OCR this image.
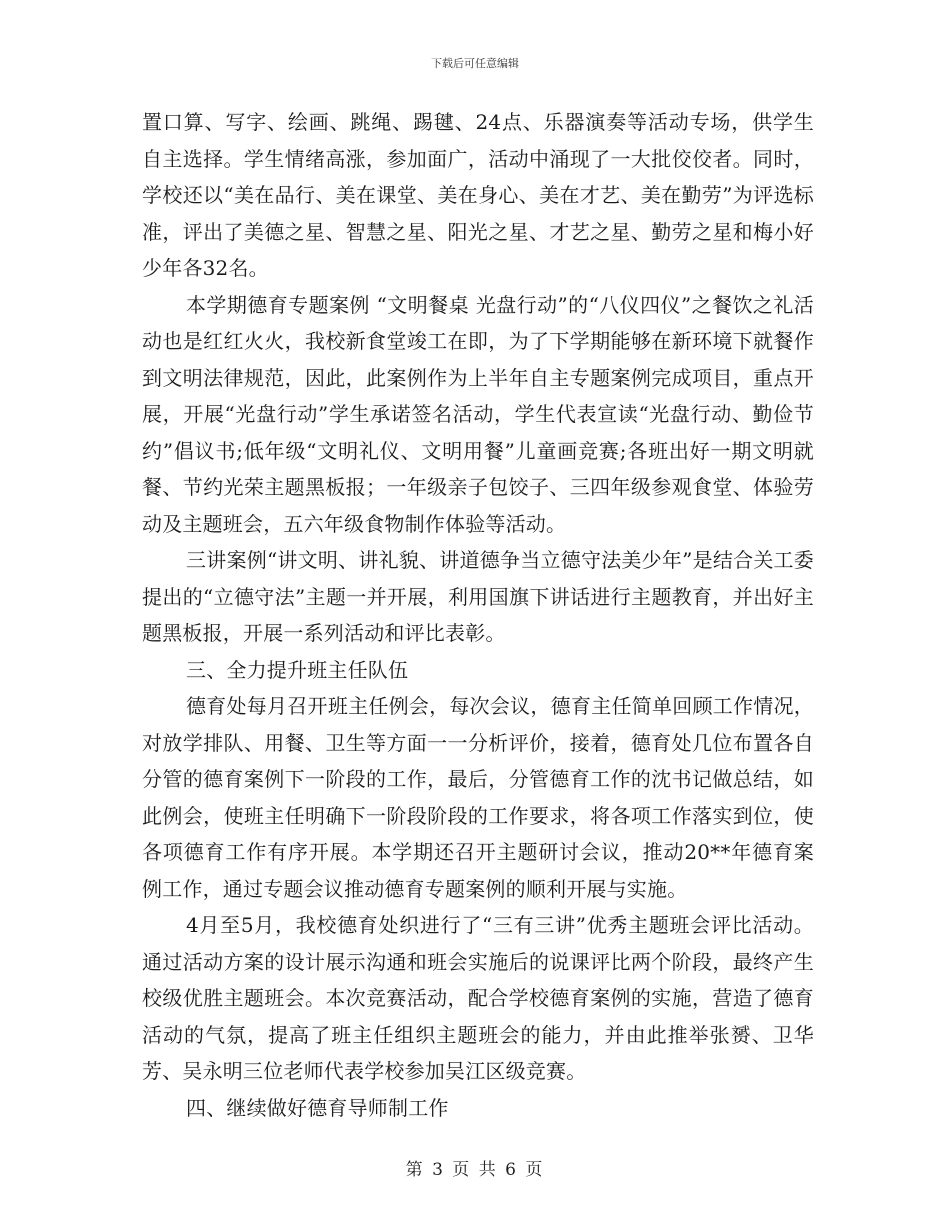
下载后可任意编辑

置口算、写字、绘画、跳绳、踢毽、24点、乐器演奏等活动专场，供学生自主选择。学生情绪高涨，参加面广，活动中涌现了一大批佼佼者。同时，学校还以“美在品行、美在课堂、美在身心、美在才艺、美在勤劳”为评选标准，评出了美德之星、智慧之星、阳光之星、才艺之星、勤劳之星和梅小好少年各32名。

本学期德育专题案例 “文明餐桌 光盘行动”的“八仪四仪”之餐饮之礼活动也是红红火火，我校新食堂竣工在即，为了下学期能够在新环境下就餐作到文明法律规范，因此，此案例作为上半年自主专题案例完成项目，重点开展，开展“光盘行动”学生承诺签名活动，学生代表宣读“光盘行动、勤俭节约”倡议书;低年级“文明礼仪、文明用餐”儿童画竞赛;各班出好一期文明就餐、节约光荣主题黑板报；一年级亲子包饺子、三四年级参观食堂、体验劳动及主题班会，五六年级食物制作体验等活动。

三讲案例“讲文明、讲礼貌、讲道德争当立德守法美少年”是结合关工委提出的“立德守法”主题一并开展，利用国旗下讲话进行主题教育，并出好主题黑板报，开展一系列活动和评比表彰。

三、全力提升班主任队伍

德育处每月召开班主任例会，每次会议，德育主任简单回顾工作情况，对放学排队、用餐、卫生等方面一一分析评价，接着，德育处几位布置各自分管的德育案例下一阶段的工作，最后，分管德育工作的沈书记做总结，如此例会，使班主任明确下一阶段阶段的工作要求，将各项工作落实到位，使各项德育工作有序开展。本学期还召开主题研讨会议，推动20**年德育案例工作，通过专题会议推动德育专题案例的顺利开展与实施。

4月至5月，我校德育处织进行了“三有三讲”优秀主题班会评比活动。通过活动方案的设计展示沟通和班会实施后的说课评比两个阶段，最终产生校级优胜主题班会。本次竞赛活动，配合学校德育案例的实施，营造了德育活动的气氛，提高了班主任组织主题班会的能力，并由此推举张赟、卫华芳、吴永明三位老师代表学校参加吴江区级竞赛。

四、继续做好德育导师制工作

第 3 页 共 6 页
